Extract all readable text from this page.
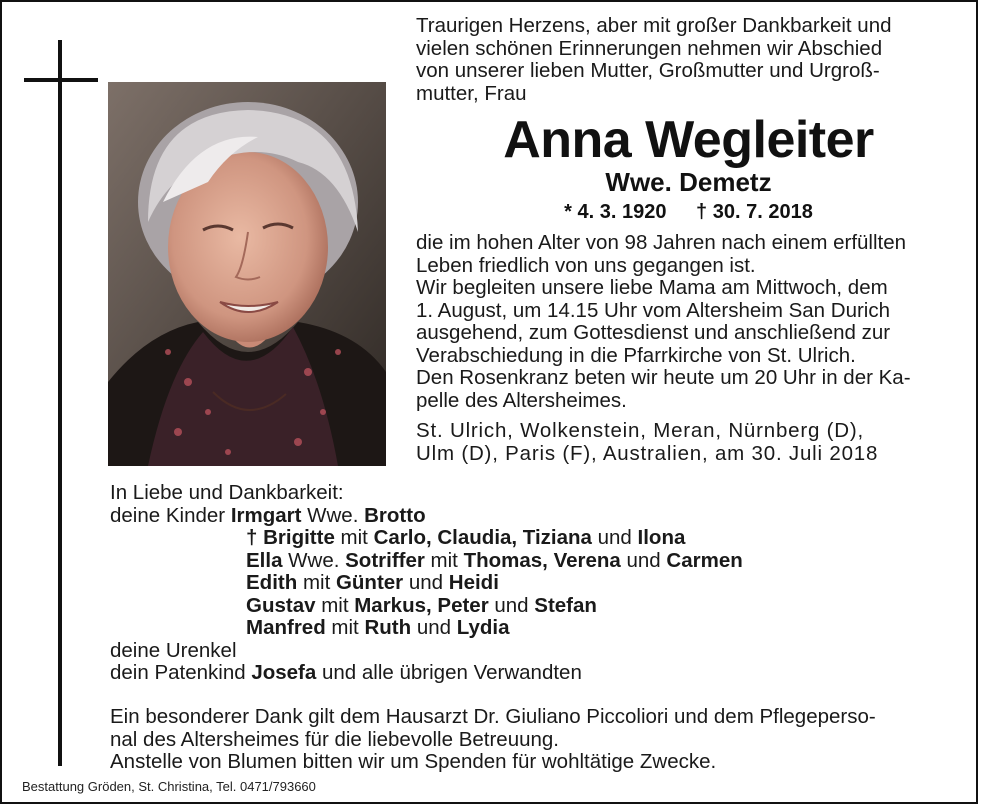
Traurigen Herzens, aber mit großer Dankbarkeit und
vielen schönen Erinnerungen nehmen wir Abschied
von unserer lieben Mutter, Großmutter und Urgroß-
mutter, Frau
Anna Wegleiter
Wwe. Demetz
* 4. 3. 1920 † 30. 7. 2018

die im hohen Alter von 98 Jahren nach einem erfüllten

Leben friedlich von uns gegangen ist.

Wir begleiten unsere liebe Mama am Mittwoch, dem

1. August, um 14.15 Uhr vom Altersheim San Durich

ausgehend, zum Gottesdienst und anschließend zur

Verabschiedung in die Pfarrkirche von St. Ulrich.

Den Rosenkranz beten wir heute um 20 Uhr in der Ka-

pelle des Altersheimes.

St. Ulrich, Wolkenstein, Meran, Nürnberg (D),

Ulm (D), Paris (F), Australien, am 30. Juli 2018

In Liebe und Dankbarkeit:

deine Kinder Irmgart Wwe. Brotto

† Brigitte mit Carlo, Claudia, Tiziana und Ilona

Ella Wwe. Sotriffer mit Thomas, Verena und Carmen

Edith mit Günter und Heidi

Gustav mit Markus, Peter und Stefan

Manfred mit Ruth und Lydia

deine Urenkel

dein Patenkind Josefa und alle übrigen Verwandten

Ein besonderer Dank gilt dem Hausarzt Dr. Giuliano Piccoliori und dem Pflegeperso-

nal des Altersheimes für die liebevolle Betreuung.

Anstelle von Blumen bitten wir um Spenden für wohltätige Zwecke.

Bestattung Gröden, St. Christina, Tel. 0471/793660
